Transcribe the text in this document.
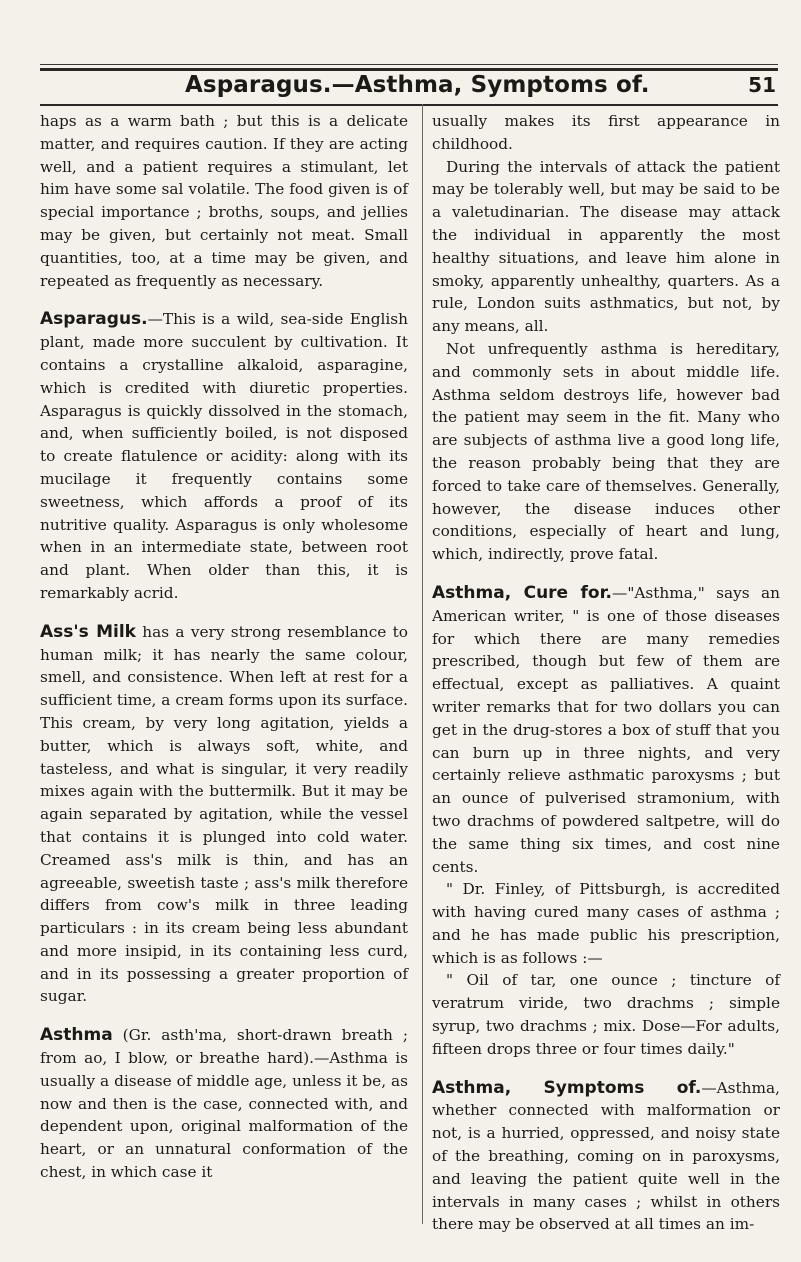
Asparagus.—Asthma, Symptoms of.	51

haps as a warm bath ; but this is a delicate matter, and requires caution. If they are acting well, and a patient requires a stimulant, let him have some sal volatile. The food given is of special importance ; broths, soups, and jellies may be given, but certainly not meat. Small quantities, too, at a time may be given, and repeated as frequently as necessary.

Asparagus.—This is a wild, sea-side English plant, made more succulent by cultivation. It contains a crystalline alkaloid, asparagine, which is credited with diuretic properties. Asparagus is quickly dissolved in the stomach, and, when sufficiently boiled, is not disposed to create flatulence or acidity: along with its mucilage it frequently contains some sweetness, which affords a proof of its nutritive quality. Asparagus is only wholesome when in an intermediate state, between root and plant. When older than this, it is remarkably acrid.

Ass's Milk has a very strong resemblance to human milk; it has nearly the same colour, smell, and consistence. When left at rest for a sufficient time, a cream forms upon its surface. This cream, by very long agitation, yields a butter, which is always soft, white, and tasteless, and what is singular, it very readily mixes again with the buttermilk. But it may be again separated by agitation, while the vessel that contains it is plunged into cold water. Creamed ass's milk is thin, and has an agreeable, sweetish taste ; ass's milk therefore differs from cow's milk in three leading particulars : in its cream being less abundant and more insipid, in its containing less curd, and in its possessing a greater proportion of sugar.

Asthma (Gr. asth'ma, short-drawn breath ; from ao, I blow, or breathe hard).—Asthma is usually a disease of middle age, unless it be, as now and then is the case, connected with, and dependent upon, original malformation of the heart, or an unnatural conformation of the chest, in which case it

usually makes its first appearance in childhood.

During the intervals of attack the patient may be tolerably well, but may be said to be a valetudinarian. The disease may attack the individual in apparently the most healthy situations, and leave him alone in smoky, apparently unhealthy, quarters. As a rule, London suits asthmatics, but not, by any means, all.

Not unfrequently asthma is hereditary, and commonly sets in about middle life. Asthma seldom destroys life, however bad the patient may seem in the fit. Many who are subjects of asthma live a good long life, the reason probably being that they are forced to take care of themselves. Generally, however, the disease induces other conditions, especially of heart and lung, which, indirectly, prove fatal.

Asthma, Cure for.—"Asthma," says an American writer, " is one of those diseases for which there are many remedies prescribed, though but few of them are effectual, except as palliatives. A quaint writer remarks that for two dollars you can get in the drug-stores a box of stuff that you can burn up in three nights, and very certainly relieve asthmatic paroxysms ; but an ounce of pulverised stramonium, with two drachms of powdered saltpetre, will do the same thing six times, and cost nine cents.

" Dr. Finley, of Pittsburgh, is accredited with having cured many cases of asthma ; and he has made public his prescription, which is as follows :—

" Oil of tar, one ounce ; tincture of veratrum viride, two drachms ; simple syrup, two drachms ; mix. Dose—For adults, fifteen drops three or four times daily."

Asthma, Symptoms of.—Asthma, whether connected with malformation or not, is a hurried, oppressed, and noisy state of the breathing, coming on in paroxysms, and leaving the patient quite well in the intervals in many cases ; whilst in others there may be observed at all times an im-
